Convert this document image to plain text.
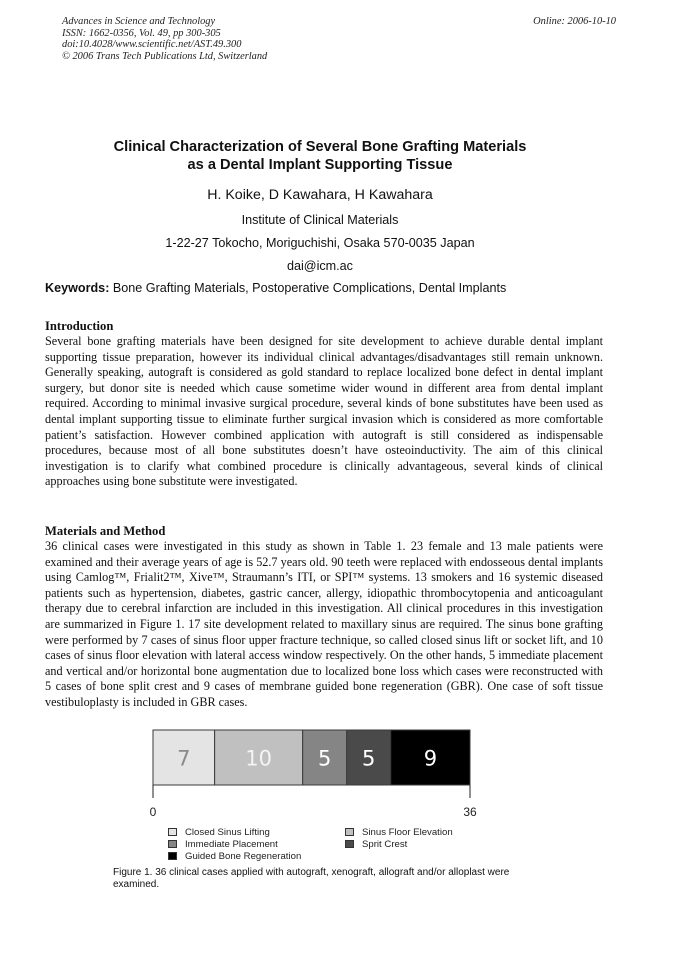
Advances in Science and Technology
ISSN: 1662-0356, Vol. 49, pp 300-305
doi:10.4028/www.scientific.net/AST.49.300
© 2006 Trans Tech Publications Ltd, Switzerland
Online: 2006-10-10
Clinical Characterization of Several Bone Grafting Materials
as a Dental Implant Supporting Tissue
H. Koike, D Kawahara, H Kawahara
Institute of Clinical Materials
1-22-27 Tokocho, Moriguchishi, Osaka 570-0035 Japan
dai@icm.ac
Keywords: Bone Grafting Materials, Postoperative Complications, Dental Implants
Introduction

Several bone grafting materials have been designed for site development to achieve durable dental implant supporting tissue preparation, however its individual clinical advantages/disadvantages still remain unknown. Generally speaking, autograft is considered as gold standard to replace localized bone defect in dental implant surgery, but donor site is needed which cause sometime wider wound in different area from dental implant required. According to minimal invasive surgical procedure, several kinds of bone substitutes have been used as dental implant supporting tissue to eliminate further surgical invasion which is considered as more comfortable patient’s satisfaction. However combined application with autograft is still considered as indispensable procedures, because most of all bone substitutes doesn’t have osteoinductivity. The aim of this clinical investigation is to clarify what combined procedure is clinically advantageous, several kinds of clinical approaches using bone substitute were investigated.

Materials and Method

36 clinical cases were investigated in this study as shown in Table 1. 23 female and 13 male patients were examined and their average years of age is 52.7 years old. 90 teeth were replaced with endosseous dental implants using Camlog™, Frialit2™, Xive™, Straumann’s ITI, or SPI™ systems. 13 smokers and 16 systemic diseased patients such as hypertension, diabetes, gastric cancer, allergy, idiopathic thrombocytopenia and anticoagulant therapy due to cerebral infarction are included in this investigation. All clinical procedures in this investigation are summarized in Figure 1. 17 site development related to maxillary sinus are required. The sinus bone grafting were performed by 7 cases of sinus floor upper fracture technique, so called closed sinus lift or socket lift, and 10 cases of sinus floor elevation with lateral access window respectively. On the other hands, 5 immediate placement and vertical and/or horizontal bone augmentation due to localized bone loss which cases were reconstructed with 5 cases of bone split crest and 9 cases of membrane guided bone regeneration (GBR). One case of soft tissue vestibuloplasty is included in GBR cases.

7	10 5 5 9
0	36
Closed Sinus Lifting
Immediate Placement
Guided Bone Regeneration
Sinus Floor Elevation
Sprit Crest
Figure 1. 36 clinical cases applied with autograft, xenograft, allograft and/or alloplast were examined.
